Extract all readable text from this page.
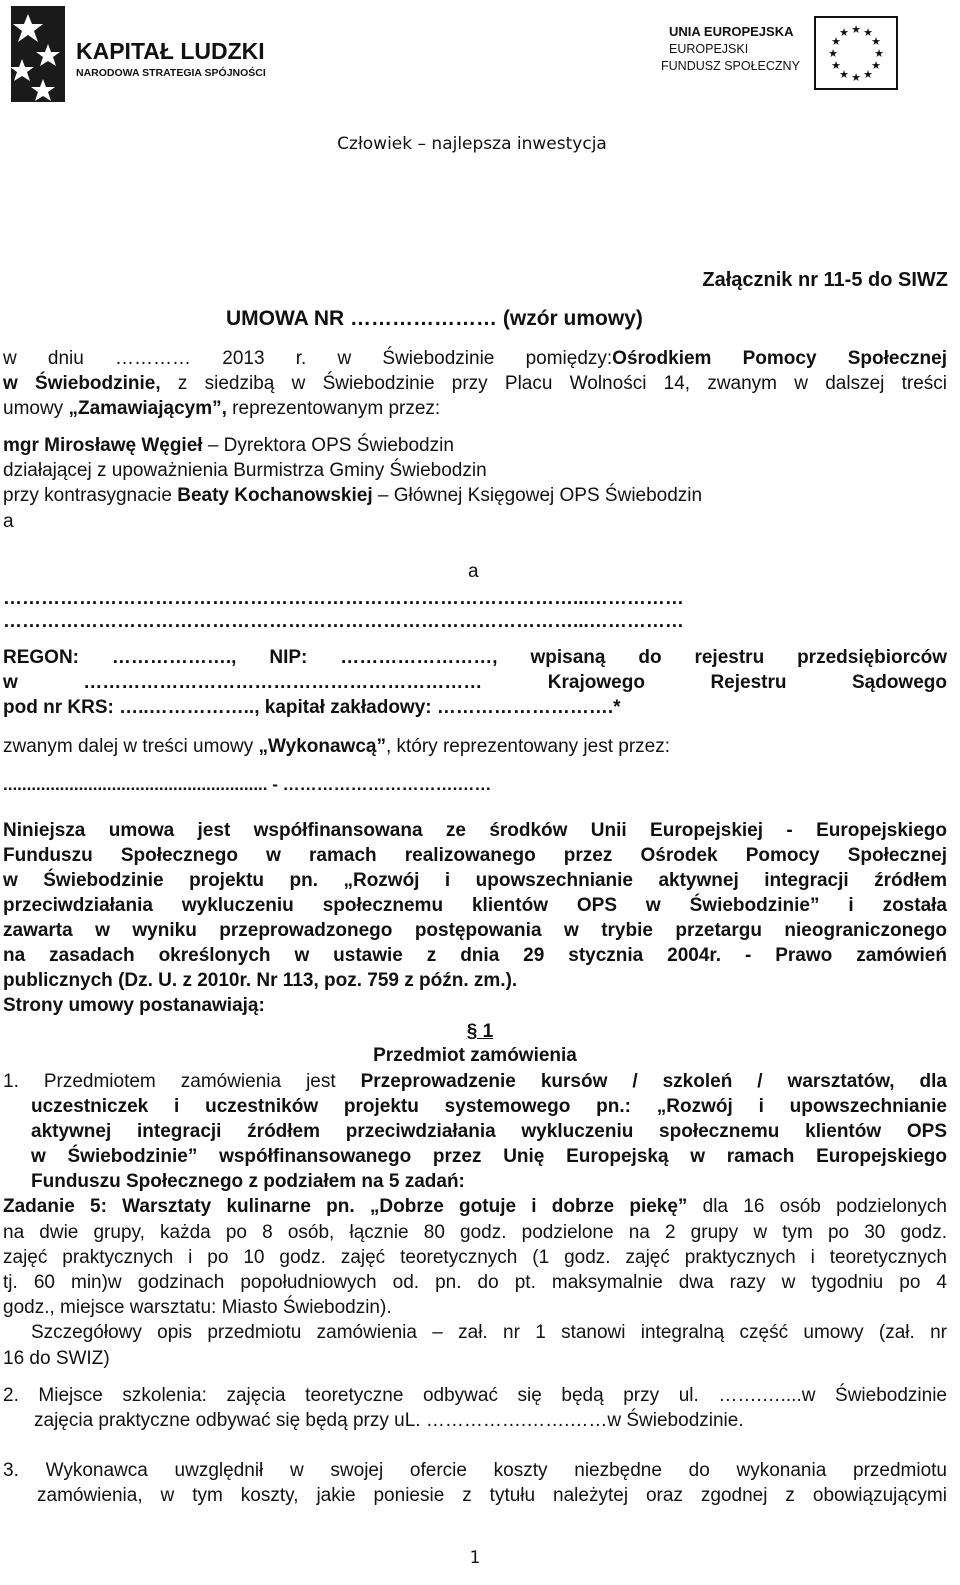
KAPITAŁ LUDZKI
NARODOWA STRATEGIA SPÓJNOŚCI
UNIA EUROPEJSKA
EUROPEJSKI
FUNDUSZ SPOŁECZNY
★ ★
★
★
★
★
★
★
★
★
★
★
Człowiek – najlepsza inwestycja
Załącznik nr 11-5 do SIWZ
UMOWA NR ………………… (wzór umowy)
w dniu ………… 2013 r. w Świebodzinie pomiędzy:Ośrodkiem Pomocy Społecznej
w Świebodzinie, z siedzibą w Świebodzinie przy Placu Wolności 14, zwanym w dalszej treści
umowy „Zamawiającym”, reprezentowanym przez:
mgr Mirosławę Węgieł – Dyrektora OPS Świebodzin
działającej z upoważnienia Burmistrza Gminy Świebodzin
przy kontrasygnacie Beaty Kochanowskiej – Głównej Księgowej OPS Świebodzin
a
a
………………………………………………………………………………...……………
………………………………………………………………………………...……………
REGON: ………………., NIP: ……………………, wpisaną do rejestru przedsiębiorców
w ……………………………………………………… Krajowego Rejestru Sądowego
pod nr KRS: …..…………….., kapitał zakładowy: ……………………….*
zwanym dalej w treści umowy „Wykonawcą”, który reprezentowany jest przez:
........................................................ - ………………………….……
Niniejsza umowa jest współfinansowana ze środków Unii Europejskiej - Europejskiego
Funduszu Społecznego w ramach realizowanego przez Ośrodek Pomocy Społecznej
w Świebodzinie projektu pn. „Rozwój i upowszechnianie aktywnej integracji źródłem
przeciwdziałania wykluczeniu społecznemu klientów OPS w Świebodzinie” i została
zawarta w wyniku przeprowadzonego postępowania w trybie przetargu nieograniczonego
na zasadach określonych w ustawie z dnia 29 stycznia 2004r. - Prawo zamówień
publicznych (Dz. U. z 2010r. Nr 113, poz. 759 z późn. zm.).
Strony umowy postanawiają:
§ 1
Przedmiot zamówienia
1. Przedmiotem zamówienia jest Przeprowadzenie kursów / szkoleń / warsztatów, dla
uczestniczek i uczestników projektu systemowego pn.: „Rozwój i upowszechnianie
aktywnej integracji źródłem przeciwdziałania wykluczeniu społecznemu klientów OPS
w Świebodzinie” współfinansowanego przez Unię Europejską w ramach Europejskiego
Funduszu Społecznego z podziałem na 5 zadań:
Zadanie 5: Warsztaty kulinarne pn. „Dobrze gotuje i dobrze piekę” dla 16 osób podzielonych
na dwie grupy, każda po 8 osób, łącznie 80 godz. podzielone na 2 grupy w tym po 30 godz.
zajęć praktycznych i po 10 godz. zajęć teoretycznych (1 godz. zajęć praktycznych i teoretycznych
tj. 60 min)w godzinach popołudniowych od. pn. do pt. maksymalnie dwa razy w tygodniu po 4
godz., miejsce warsztatu: Miasto Świebodzin).
Szczegółowy opis przedmiotu zamówienia – zał. nr 1 stanowi integralną część umowy (zał. nr
16 do SWIZ)
2. Miejsce szkolenia: zajęcia teoretyczne odbywać się będą przy ul. …….…....w Świebodzinie
zajęcia praktyczne odbywać się będą przy uL. …………….…….……w Świebodzinie.
3. Wykonawca uwzględnił w swojej ofercie koszty niezbędne do wykonania przedmiotu
zamówienia, w tym koszty, jakie poniesie z tytułu należytej oraz zgodnej z obowiązującymi
1
